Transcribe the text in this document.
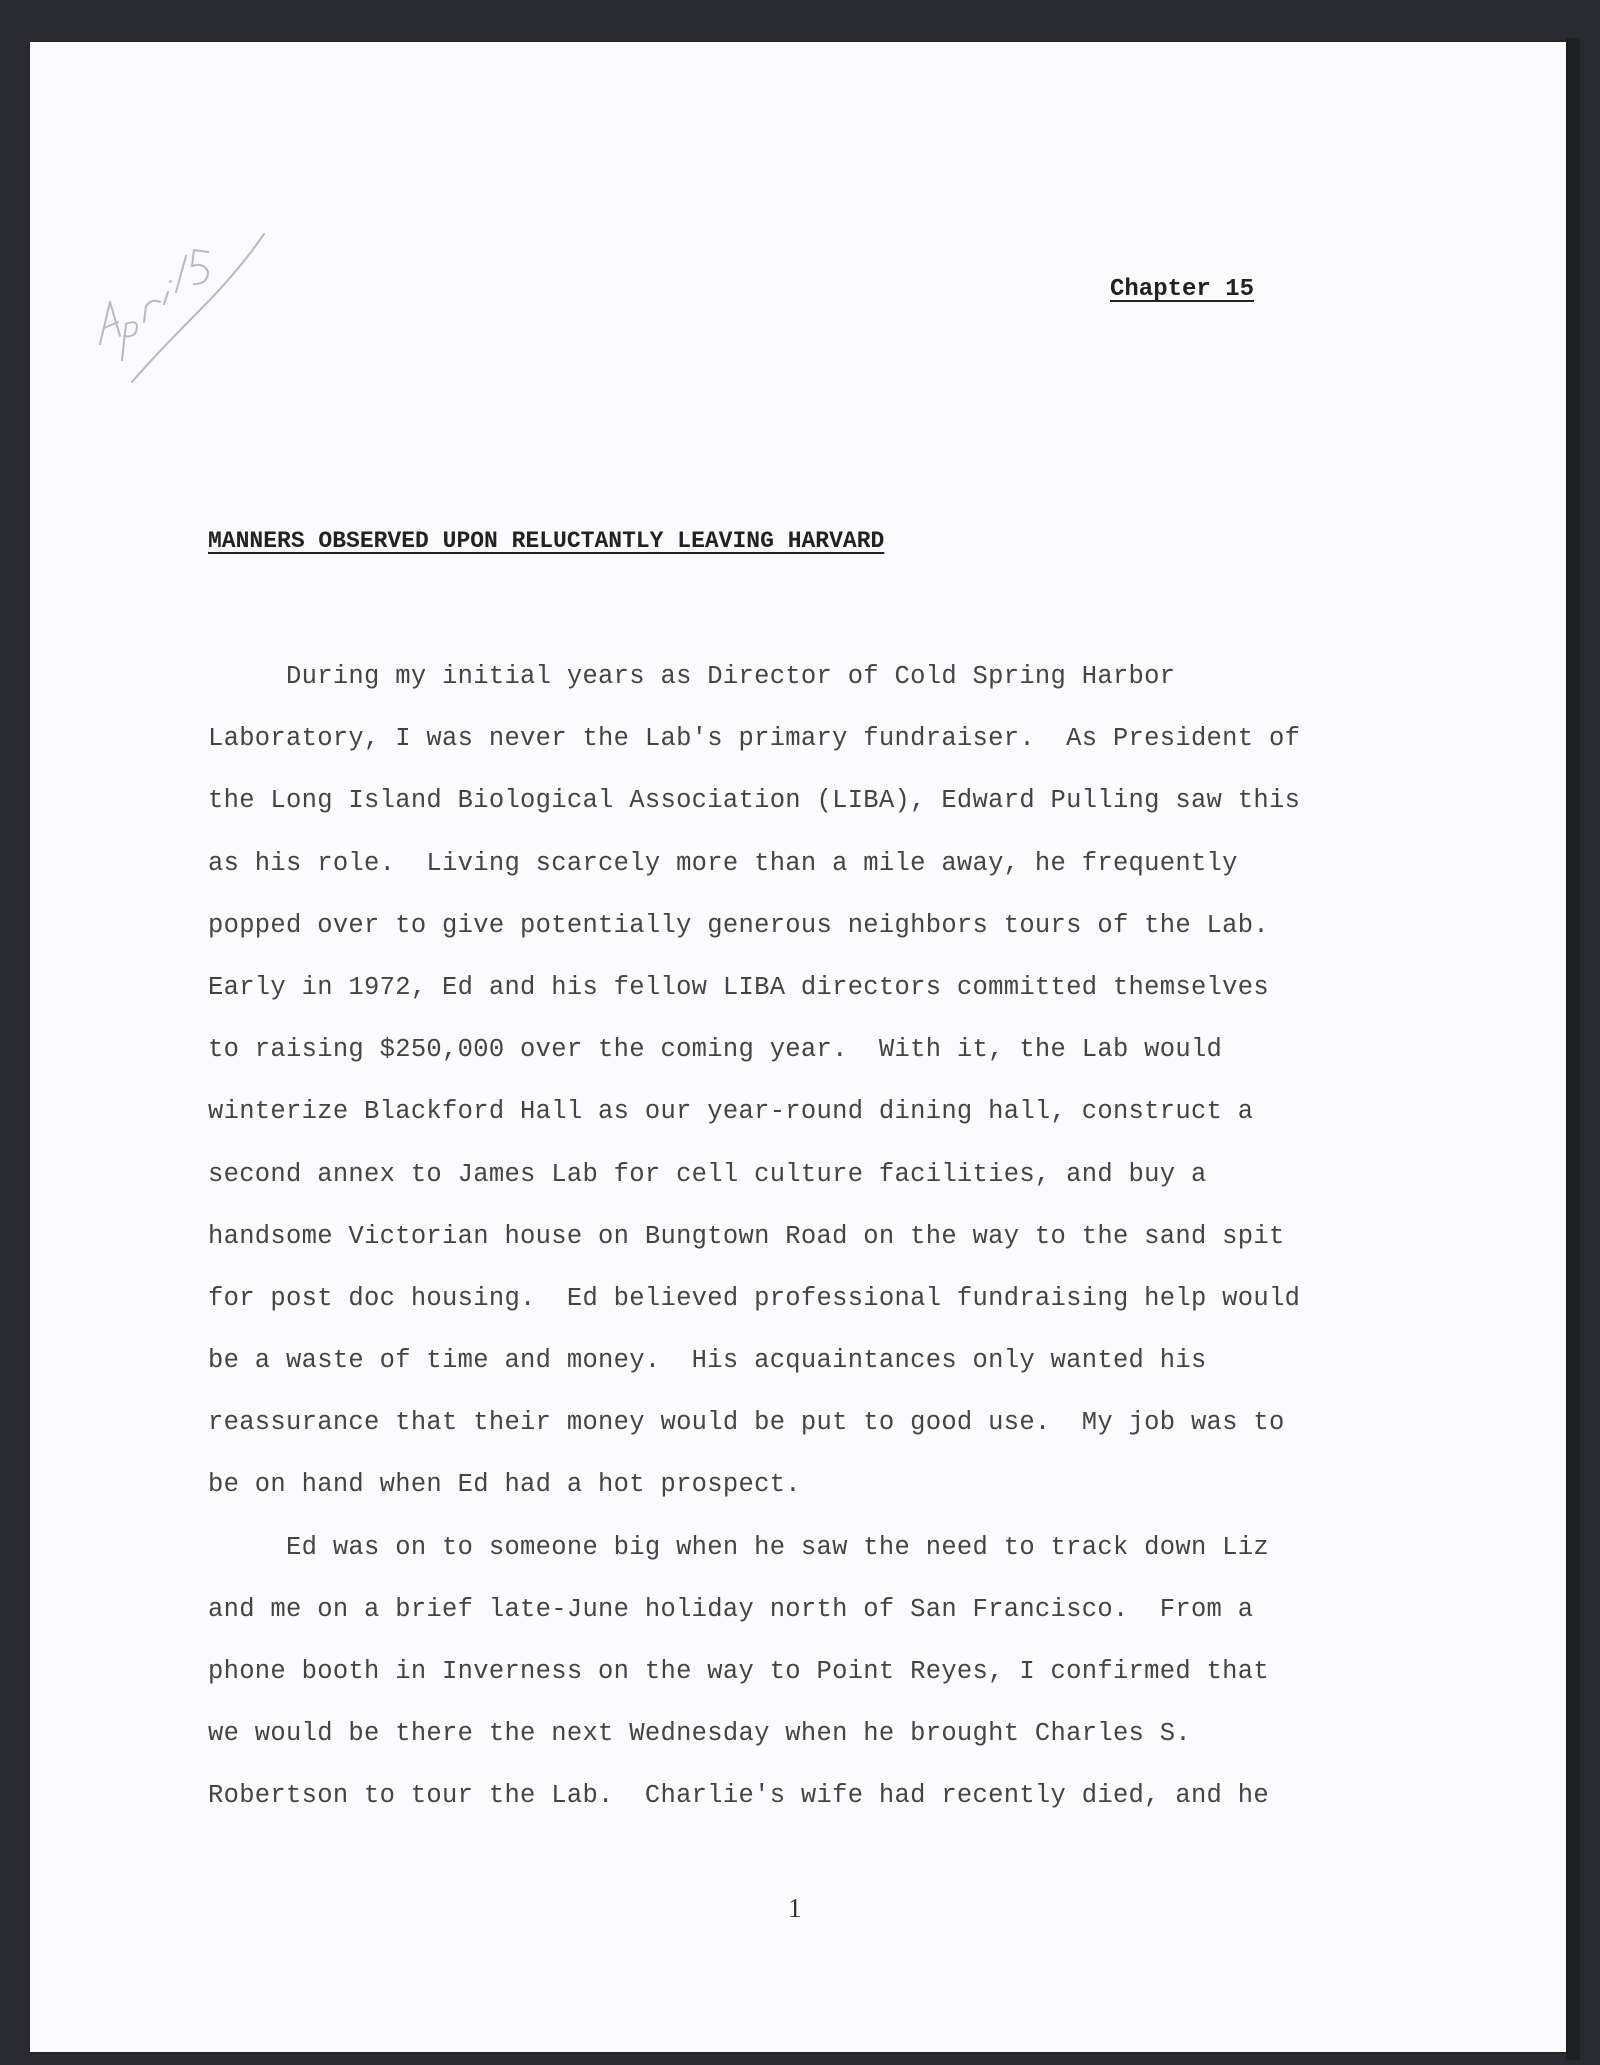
Chapter 15
MANNERS OBSERVED UPON RELUCTANTLY LEAVING HARVARD
During my initial years as Director of Cold Spring Harbor
Laboratory, I was never the Lab's primary fundraiser.  As President of
the Long Island Biological Association (LIBA), Edward Pulling saw this
as his role.  Living scarcely more than a mile away, he frequently
popped over to give potentially generous neighbors tours of the Lab.
Early in 1972, Ed and his fellow LIBA directors committed themselves
to raising $250,000 over the coming year.  With it, the Lab would
winterize Blackford Hall as our year-round dining hall, construct a
second annex to James Lab for cell culture facilities, and buy a
handsome Victorian house on Bungtown Road on the way to the sand spit
for post doc housing.  Ed believed professional fundraising help would
be a waste of time and money.  His acquaintances only wanted his
reassurance that their money would be put to good use.  My job was to
be on hand when Ed had a hot prospect.
Ed was on to someone big when he saw the need to track down Liz
and me on a brief late-June holiday north of San Francisco.  From a
phone booth in Inverness on the way to Point Reyes, I confirmed that
we would be there the next Wednesday when he brought Charles S.
Robertson to tour the Lab.  Charlie's wife had recently died, and he
1
